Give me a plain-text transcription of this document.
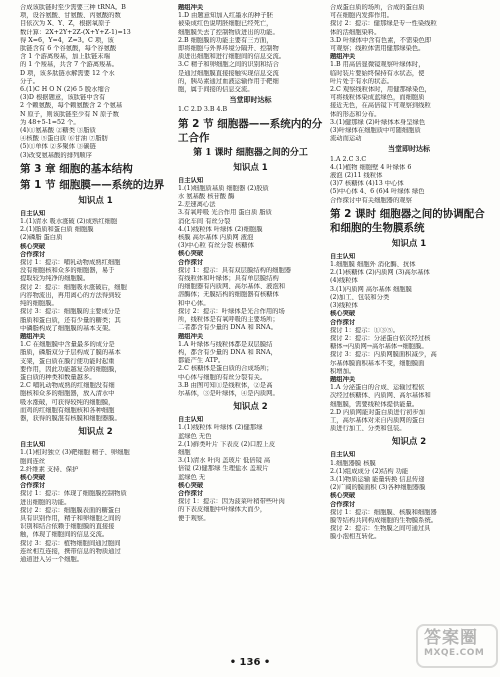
合成该肽链时至少需要三种 tRNA。B
项，设谷氨酸、甘氨酸、丙氨酸的数
目依次为 X、Y、Z，根据氧原子
数计算：2X+2Y+2Z-(X+Y+Z-1)=13
得 X=6，Y=4，Z=3。C 项，该
肽链含有 6 个谷氨酸，每个谷氨酸
含 1 个游离羧基，加上肽链末端
的 1 个羧基，共含 7 个游离羧基。
D 项，该多肽链水解需要 12 个水
分子。
6.(1)C H O N (2)6 5 脱水缩合
(3)D 根据题意，该肽链中含有
2 个赖氨酸，每个赖氨酸含 2 个氨基
N 原子，则该肽链至少有 N 原子数
为 48+5-1=52 个。
(4)①氨基酸 ②糖类 ③脂质
④核酸 ⑤蛋白质 ⑥甘油 ⑦脂肪
(5)①单体 ②多聚体 ③碳链
(3)改变氨基酸的排列顺序
第 3 章 细胞的基本结构
第 1 节 细胞膜——系统的边界
知识点 1
自主认知
1.(1)清水 吸水涨破 (2)成熟红细胞
2.(1)脂质和蛋白质 细胞膜
(2)磷脂 蛋白质
核心突破
合作探讨
探讨 1：提示：哺乳动物成熟红细胞
没有细胞核和众多的细胞器，易于
提取较为纯净的细胞膜。
探讨 2：提示：细胞吸水涨破后，细胞
内容物流出，再用离心的方法得到较
纯的细胞膜。
探讨 3：提示：细胞膜的主要成分是
脂质和蛋白质，还有少量的糖类；其
中磷脂构成了细胞膜的基本支架。
题组冲关
1.C 在细胞膜中含量最多的成分是
脂质，磷脂双分子层构成了膜的基本
支架，蛋白质在膜行使功能时起重
要作用，因此功能越复杂的细胞膜，
蛋白质的种类和数量越多。
2.C 哺乳动物成熟的红细胞没有细
胞核和众多的细胞器，放入清水中
吸水涨破，可获得较纯的细胞膜，
而鸡的红细胞有细胞核和各种细胞
器，获得的膜混有核膜和细胞器膜。
知识点 2
自主认知
1.(1)相对独立 (3)靶细胞 精子、卵细胞
胞间连丝
2.纤维素 支持、保护
核心突破
合作探讨
探讨 1：提示：体现了细胞膜控制物质
进出细胞的功能。
探讨 2：提示：细胞膜表面的糖蛋白
具有识别作用，精子和卵细胞之间的
识别和结合依赖于细胞膜的直接接
触，体现了细胞间的信息交流。
探讨 3：提示：植物细胞间通过胞间
连丝相互连接，携带信息的物质通过
通道进入另一个细胞。
题组冲关
1.D 由题意知加入红墨水的种子胚
被染成红色说明胚细胞已经死亡，
细胞膜失去了控制物质进出的功能。
2.B 细胞膜的功能主要有三方面，
即将细胞与外界环境分隔开、控制物
质进出细胞和进行细胞间的信息交流。
3.C 精子和卵细胞之间的识别和结合
是通过细胞膜直接接触实现信息交流
的，胰岛素通过血液运输作用于靶细
胞，属于间接的信息交流。
当堂即时达标
1.C 2.D 3.B 4.B
第 2 节 细胞器——系统内的分工合作
第 1 课时 细胞器之间的分工
知识点 1
自主认知
1.(1)细胞质基质 细胞器 (2)胶质
水 氨基酸 核苷酸 酶
2.差速离心法
3.有氧呼吸 光合作用 蛋白质 脂质
消化车间 有丝分裂
4.(1)线粒体 叶绿体 (2)细胞膜
核膜 高尔基体 内质网 液泡
(3)中心粒 有丝分裂 核糖体
核心突破
合作探讨
探讨 1：提示：具有双层膜结构的细胞器
有线粒体和叶绿体；具有单层膜结构
的细胞器有内质网、高尔基体、液泡和
溶酶体；无膜结构的细胞器有核糖体
和中心体。
探讨 2：提示：叶绿体是光合作用的场
所，线粒体是有氧呼吸的主要场所；
二者都含有少量的 DNA 和 RNA。
题组冲关
1.A 叶绿体与线粒体都是双层膜结
构，都含有少量的 DNA 和 RNA，
都能产生 ATP。
2.C 核糖体是蛋白质的合成场所；
中心体与细胞的有丝分裂有关。
3.B 由图可知①是线粒体，②是高
尔基体，③是叶绿体，④是内质网。
知识点 2
自主认知
1.(1)线粒体 叶绿体 (2)健那绿
蓝绿色 无色
2.(1)藓类叶片 下表皮 (2)口腔上皮
细胞
3.(1)清水 叶肉 盖玻片 低倍镜 高
倍镜 (2)健那绿 生理盐水 盖玻片
蓝绿色 无
核心突破
合作探讨
探讨 1：提示：因为菠菜叶稍带些叶肉
的下表皮细胞中叶绿体大而少，
便于观察。
合成蛋白质的场所，合成的蛋白质
可在细胞内发挥作用。
探讨 2：提示：健那绿是专一性染线粒
体的活细胞染料。
3.D 叶绿体中含有色素，不需染色即
可观察；线粒体需用健那绿染色。
题组冲关
1.B 用高倍显微镜观察叶绿体时，
临时装片要始终保持有水状态，使
叶片处于有水的状态。
2.C 观察线粒体时，用健那绿染色，
可将线粒体染成蓝绿色，而细胞质
接近无色，在高倍镜下可观察到线粒
体的形态和分布。
3.(1)健那绿 (2)叶绿体本身呈绿色
(3)叶绿体在细胞质中可随细胞质
流动而运动
当堂即时达标
1.A 2.C 3.C
4.(1)植物 细胞壁 4 叶绿体 6
液泡 (2)11 线粒体
(3)7 核糖体 (4)13 中心体
(5)中心体 4、6 (6)4 叶绿体 绿色
合作探讨中有关细胞器的观察
第 2 课时 细胞器之间的协调配合和细胞的生物膜系统
知识点 1
自主认知
1.细胞膜 细胞外 消化酶、抗体
2.(1)核糖体 (2)内质网 (3)高尔基体
(4)线粒体
3.(1)内质网 高尔基体 细胞膜
(2)加工、包装和分类
(3)线粒体
核心突破
合作探讨
探讨 1：提示：①③⑤。
探讨 2：提示：分泌蛋白依次经过核
糖体→内质网→高尔基体→细胞膜。
探讨 3：提示：内质网膜面积减少，高
尔基体膜面积基本不变，细胞膜面
积增加。
题组冲关
1.A 分泌蛋白的合成、运输过程依
次经过核糖体、内质网、高尔基体和
细胞膜，需要线粒体提供能量。
2.D 内质网能对蛋白质进行初步加
工，高尔基体对来自内质网的蛋白
质进行加工、分类和包装。
知识点 2
自主认知
1.细胞器膜 核膜
2.(1)组成成分 (2)结构 功能
3.(1)物质运输 能量转换 信息传递
(2)广阔的膜面积 (3)各种细胞器膜
核心突破
合作探讨
探讨 1：提示：细胞膜、核膜和细胞器
膜等结构共同构成细胞的生物膜系统。
探讨 2：提示：生物膜之间可通过具
膜小泡相互转化。
• 136 •
答案圈
MXQE.COM
